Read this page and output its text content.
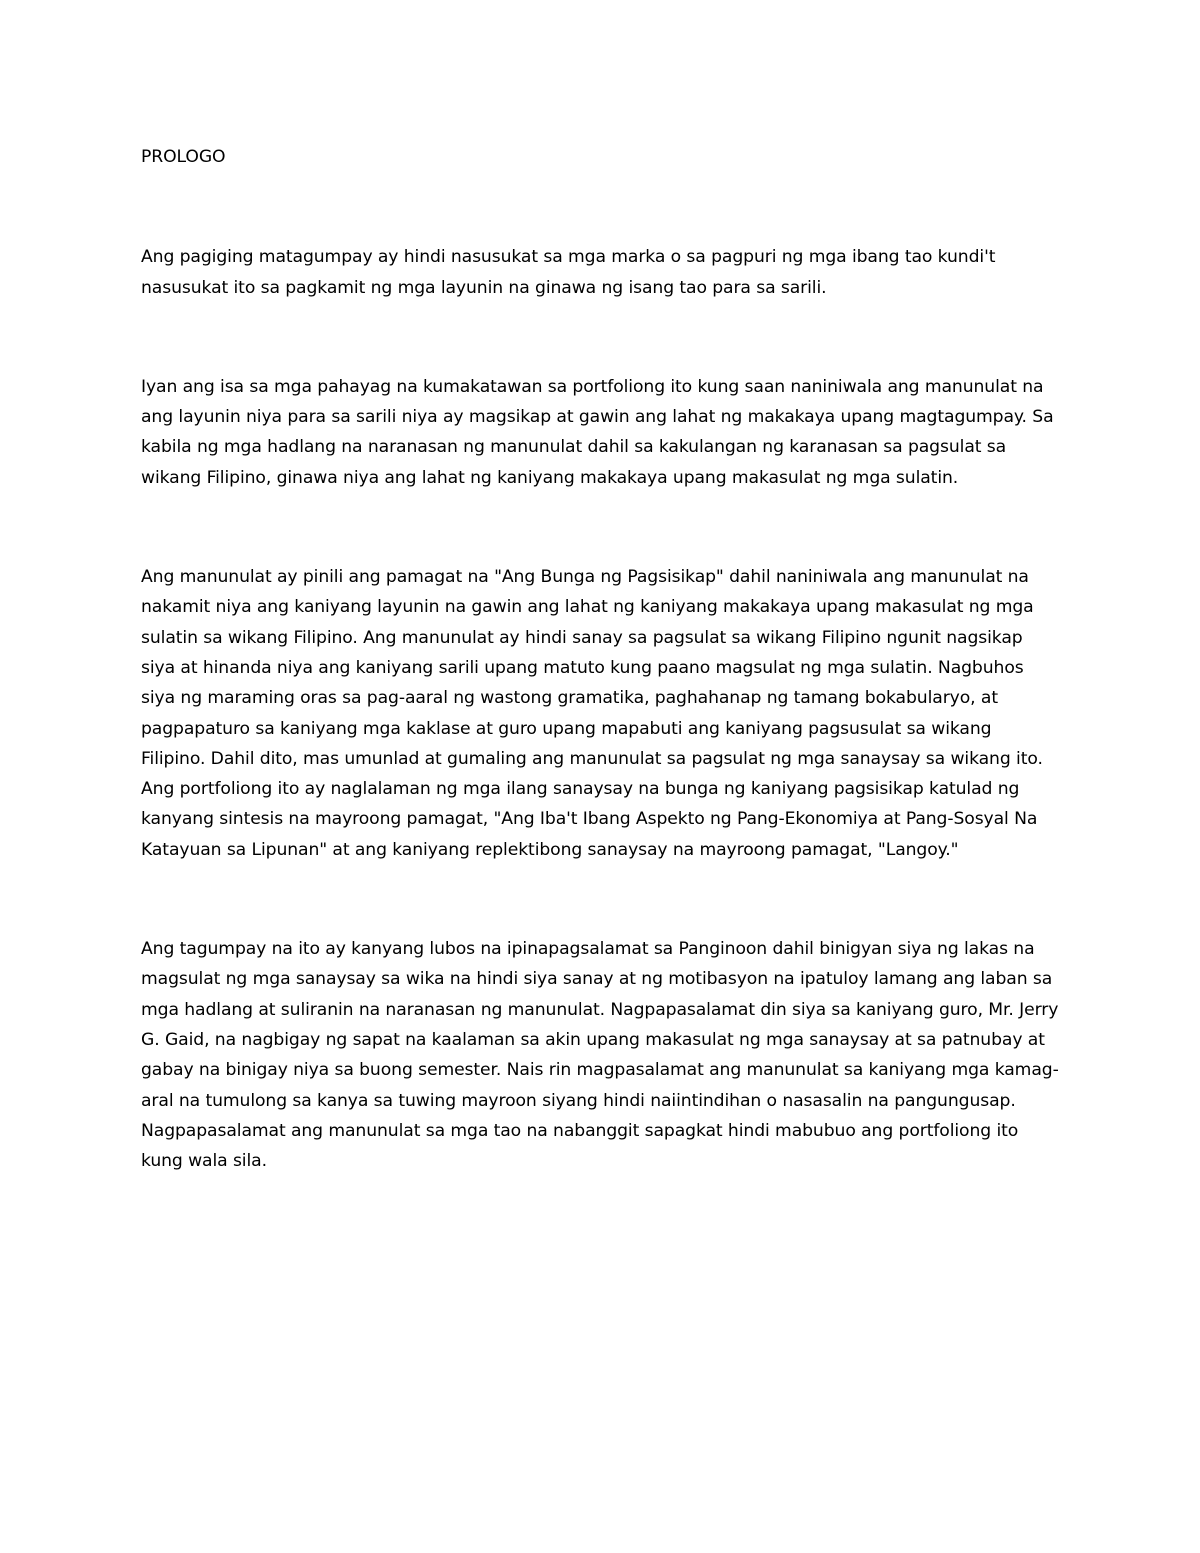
PROLOGO

Ang pagiging matagumpay ay hindi nasusukat sa mga marka o sa pagpuri ng mga ibang tao kundi't nasusukat ito sa pagkamit ng mga layunin na ginawa ng isang tao para sa sarili.

Iyan ang isa sa mga pahayag na kumakatawan sa portfoliong ito kung saan naniniwala ang manunulat na ang layunin niya para sa sarili niya ay magsikap at gawin ang lahat ng makakaya upang magtagumpay. Sa kabila ng mga hadlang na naranasan ng manunulat dahil sa kakulangan ng karanasan sa pagsulat sa wikang Filipino, ginawa niya ang lahat ng kaniyang makakaya upang makasulat ng mga sulatin.

Ang manunulat ay pinili ang pamagat na "Ang Bunga ng Pagsisikap" dahil naniniwala ang manunulat na nakamit niya ang kaniyang layunin na gawin ang lahat ng kaniyang makakaya upang makasulat ng mga sulatin sa wikang Filipino. Ang manunulat ay hindi sanay sa pagsulat sa wikang Filipino ngunit nagsikap siya at hinanda niya ang kaniyang sarili upang matuto kung paano magsulat ng mga sulatin. Nagbuhos siya ng maraming oras sa pag-aaral ng wastong gramatika, paghahanap ng tamang bokabularyo, at pagpapaturo sa kaniyang mga kaklase at guro upang mapabuti ang kaniyang pagsusulat sa wikang Filipino. Dahil dito, mas umunlad at gumaling ang manunulat sa pagsulat ng mga sanaysay sa wikang ito. Ang portfoliong ito ay naglalaman ng mga ilang sanaysay na bunga ng kaniyang pagsisikap katulad ng kanyang sintesis na mayroong pamagat, "Ang Iba't Ibang Aspekto ng Pang-Ekonomiya at Pang-Sosyal Na Katayuan sa Lipunan" at ang kaniyang replektibong sanaysay na mayroong pamagat, "Langoy."

Ang tagumpay na ito ay kanyang lubos na ipinapagsalamat sa Panginoon dahil binigyan siya ng lakas na magsulat ng mga sanaysay sa wika na hindi siya sanay at ng motibasyon na ipatuloy lamang ang laban sa mga hadlang at suliranin na naranasan ng manunulat. Nagpapasalamat din siya sa kaniyang guro, Mr. Jerry G. Gaid, na nagbigay ng sapat na kaalaman sa akin upang makasulat ng mga sanaysay at sa patnubay at gabay na binigay niya sa buong semester. Nais rin magpasalamat ang manunulat sa kaniyang mga kamag-aral na tumulong sa kanya sa tuwing mayroon siyang hindi naiintindihan o nasasalin na pangungusap. Nagpapasalamat ang manunulat sa mga tao na nabanggit sapagkat hindi mabubuo ang portfoliong ito kung wala sila.
